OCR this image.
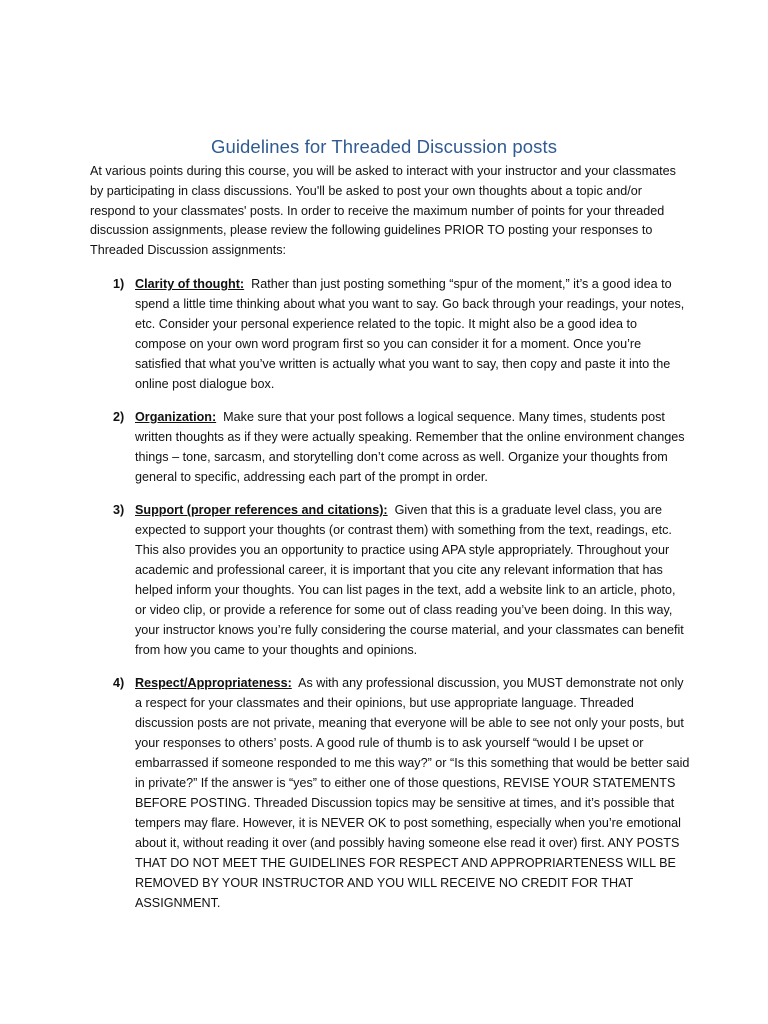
Guidelines for Threaded Discussion posts

At various points during this course, you will be asked to interact with your instructor and your classmates by participating in class discussions. You'll be asked to post your own thoughts about a topic and/or respond to your classmates' posts. In order to receive the maximum number of points for your threaded discussion assignments, please review the following guidelines PRIOR TO posting your responses to Threaded Discussion assignments:

1) Clarity of thought: Rather than just posting something “spur of the moment,” it’s a good idea to spend a little time thinking about what you want to say. Go back through your readings, your notes, etc. Consider your personal experience related to the topic. It might also be a good idea to compose on your own word program first so you can consider it for a moment. Once you’re satisfied that what you’ve written is actually what you want to say, then copy and paste it into the online post dialogue box.
2) Organization: Make sure that your post follows a logical sequence. Many times, students post written thoughts as if they were actually speaking. Remember that the online environment changes things – tone, sarcasm, and storytelling don’t come across as well. Organize your thoughts from general to specific, addressing each part of the prompt in order.
3) Support (proper references and citations): Given that this is a graduate level class, you are expected to support your thoughts (or contrast them) with something from the text, readings, etc. This also provides you an opportunity to practice using APA style appropriately. Throughout your academic and professional career, it is important that you cite any relevant information that has helped inform your thoughts. You can list pages in the text, add a website link to an article, photo, or video clip, or provide a reference for some out of class reading you’ve been doing. In this way, your instructor knows you’re fully considering the course material, and your classmates can benefit from how you came to your thoughts and opinions.
4) Respect/Appropriateness: As with any professional discussion, you MUST demonstrate not only a respect for your classmates and their opinions, but use appropriate language. Threaded discussion posts are not private, meaning that everyone will be able to see not only your posts, but your responses to others’ posts. A good rule of thumb is to ask yourself “would I be upset or embarrassed if someone responded to me this way?” or “Is this something that would be better said in private?” If the answer is “yes” to either one of those questions, REVISE YOUR STATEMENTS BEFORE POSTING. Threaded Discussion topics may be sensitive at times, and it’s possible that tempers may flare. However, it is NEVER OK to post something, especially when you’re emotional about it, without reading it over (and possibly having someone else read it over) first. ANY POSTS THAT DO NOT MEET THE GUIDELINES FOR RESPECT AND APPROPRIARTENESS WILL BE REMOVED BY YOUR INSTRUCTOR AND YOU WILL RECEIVE NO CREDIT FOR THAT ASSIGNMENT.
